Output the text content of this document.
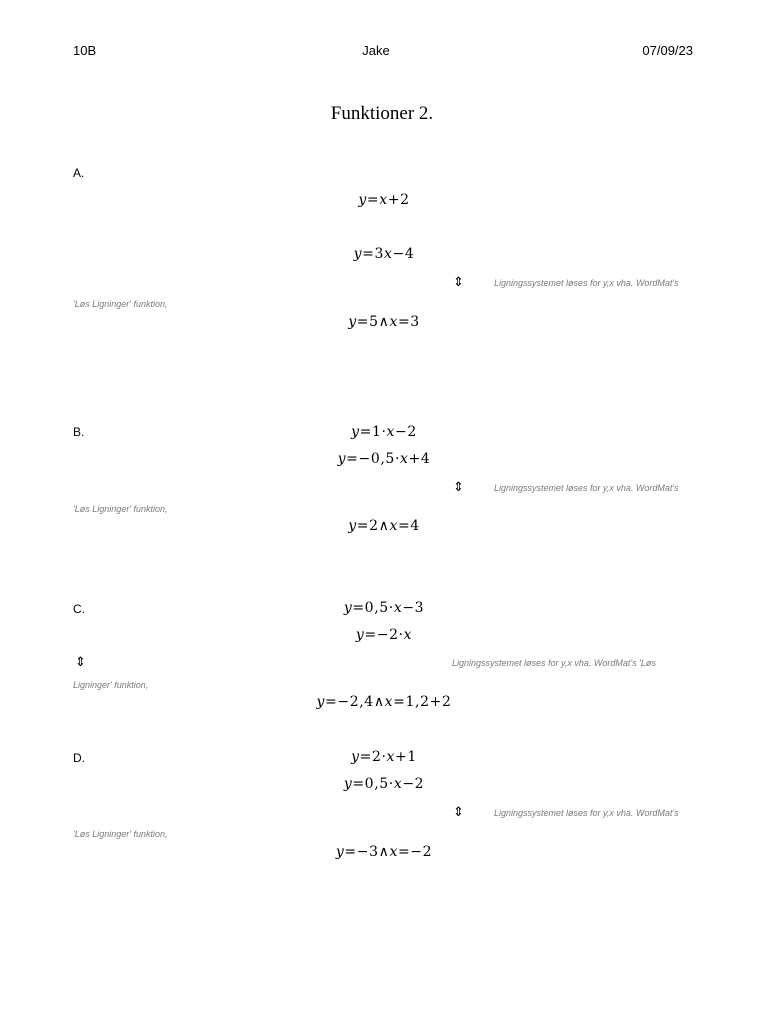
10B	Jake	07/09/23
Funktioner 2.
A.
y=x+2
y=3x−4
⇕	Ligningssystemet løses for y,x vha. WordMat's
'Løs Ligninger' funktion,
y=5∧x=3
B.	y=1·x−2
y=−0,5·x+4
⇕	Ligningssystemet løses for y,x vha. WordMat's
'Løs Ligninger' funktion,
y=2∧x=4
C.	y=0,5·x−3
y=−2·x
⇕	Ligningssystemet løses for y,x vha. WordMat's 'Løs
Ligninger' funktion,
y=−2,4∧x=1,2+2
D.	y=2·x+1
y=0,5·x−2
⇕	Ligningssystemet løses for y,x vha. WordMat's
'Løs Ligninger' funktion,
y=−3∧x=−2
